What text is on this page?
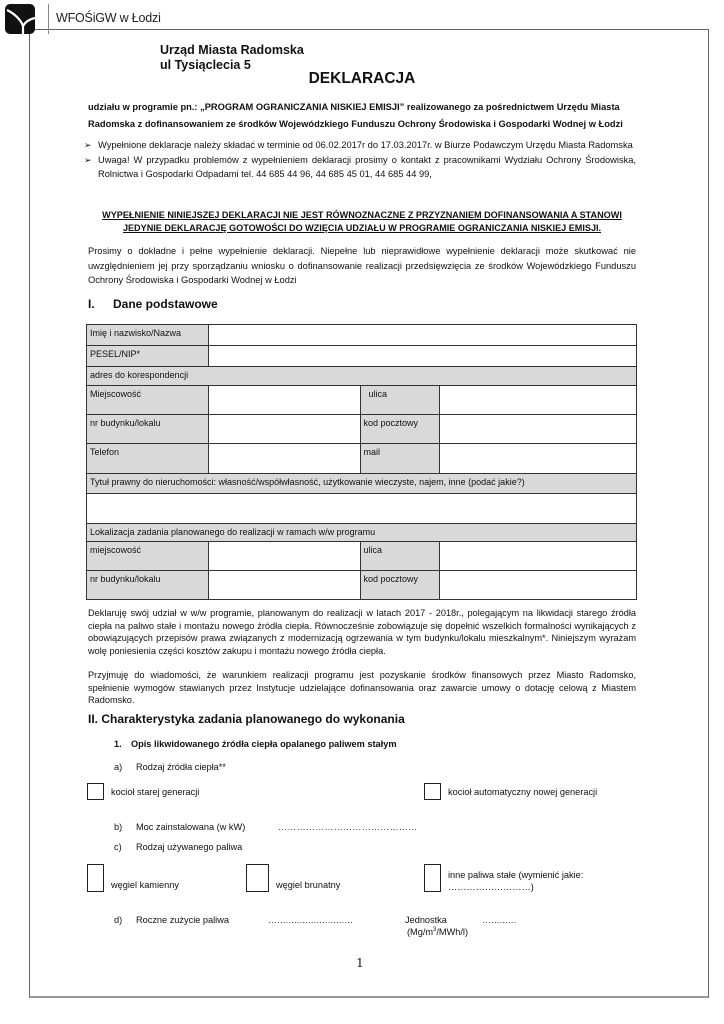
WFOŚiGW w Łodzi
Urząd Miasta Radomska
ul Tysiąclecia 5
DEKLARACJA
udziału w programie pn.: „PROGRAM OGRANICZANIA NISKIEJ EMISJI” realizowanego za pośrednictwem Urzędu Miasta Radomska z dofinansowaniem ze środków Wojewódzkiego Funduszu Ochrony Środowiska i Gospodarki Wodnej w Łodzi
➢ Wypełnione deklaracje należy składać w terminie od 06.02.2017r do 17.03.2017r. w Biurze Podawczym Urzędu Miasta Radomska
➢ Uwaga! W przypadku problemów z wypełnieniem deklaracji prosimy o kontakt z pracownikami Wydziału Ochrony Środowiska, Rolnictwa i Gospodarki Odpadami tel. 44 685 44 96, 44 685 45 01, 44 685 44 99,
WYPEŁNIENIE NINIEJSZEJ DEKLARACJI NIE JEST RÓWNOZNACZNE Z PRZYZNANIEM DOFINANSOWANIA A STANOWI
JEDYNIE DEKLARACJĘ GOTOWOŚCI DO WZIĘCIA UDZIAŁU W PROGRAMIE OGRANICZANIA NISKIEJ EMISJI.
Prosimy o dokładne i pełne wypełnienie deklaracji. Niepełne lub nieprawidłowe wypełnienie deklaracji może skutkować nie uwzględnieniem jej przy sporządzaniu wniosku o dofinansowanie realizacji przedsięwzięcia ze środków Wojewódzkiego Funduszu Ochrony Środowiska i Gospodarki Wodnej w Łodzi
I. Dane podstawowe
Imię i nazwisko/Nazwa			
PESEL/NIP*			
adres do korespondencji			
Miejscowość		ulica	
nr budynku/lokalu		kod pocztowy	
Telefon		mail	
Tytuł prawny do nieruchomości: własność/współwłasność, użytkowanie wieczyste, najem, inne (podać jakie?)			

Lokalizacja zadania planowanego do realizacji w ramach w/w programu			
miejscowość		ulica	
nr budynku/lokalu		kod pocztowy	
Deklaruję swój udział w w/w programie, planowanym do realizacji w latach 2017 - 2018r., polegającym na likwidacji starego źródła ciepła na paliwo stałe i montażu nowego źródła ciepła. Równocześnie zobowiązuje się dopełnić wszelkich formalności wynikających z obowiązujących przepisów prawa związanych z modernizacją ogrzewania w tym budynku/lokalu mieszkalnym*. Niniejszym wyrażam wolę poniesienia części kosztów zakupu i montażu nowego źródła ciepła.
Przyjmuję do wiadomości, że warunkiem realizacji programu jest pozyskanie środków finansowych przez Miasto Radomsko, spełnienie wymogów stawianych przez Instytucje udzielające dofinansowania oraz zawarcie umowy o dotację celową z Miastem Radomsko.
II. Charakterystyka zadania planowanego do wykonania
1. Opis likwidowanego źródła ciepła opalanego paliwem stałym
a) Rodzaj źródła ciepła**
kocioł starej generacji	kocioł automatyczny nowej generacji
b) Moc zainstalowana (w kW)	………………………………………
c) Rodzaj używanego paliwa
węgiel kamienny	węgiel brunatny
inne paliwa stałe (wymienić jakie:
………………………)
d) Roczne zużycie paliwa	…...........................	Jednostka	….........
$(Mg/m^3/MWh/l)$
1
